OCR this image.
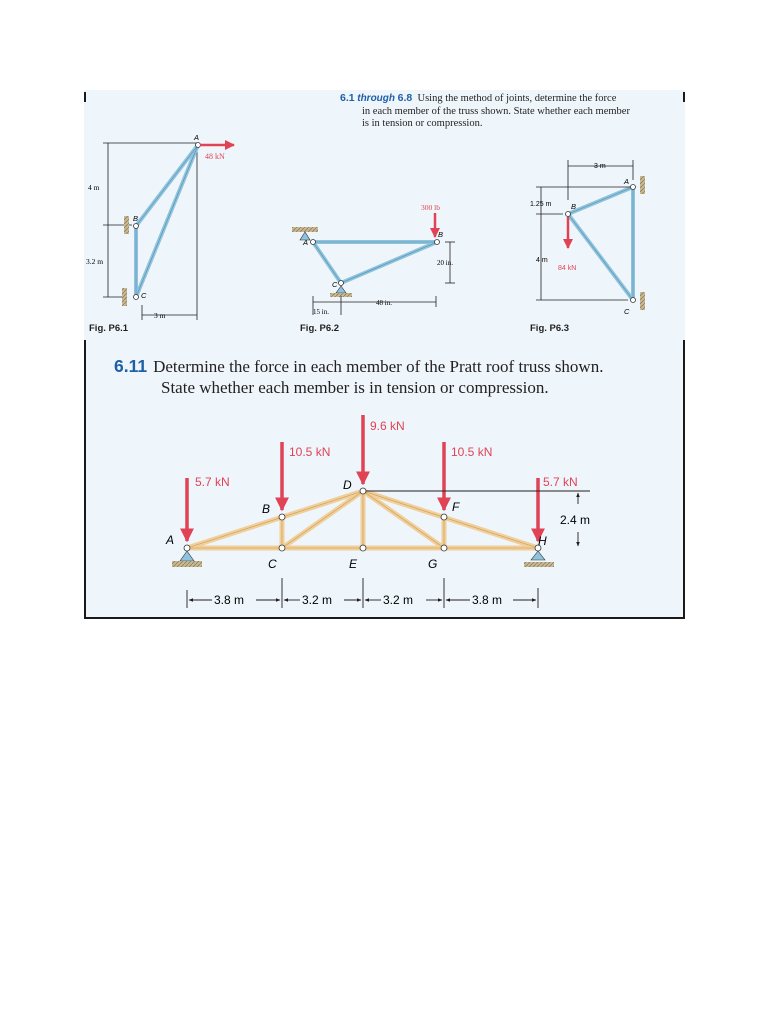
6.1 through 6.8 Using the method of joints, determine the force
in each member of the truss shown. State whether each member
is in tension or compression.
48 kN
A
B
C
4 m
3.2 m
3 m
300 lb
A
B
C
20 in.
15 in.
48 in.
84 kN
A
B
C
3 m
1.25 m
4 m
5.7 kN
10.5 kN
9.6 kN
10.5 kN
5.7 kN
A
B
C
D
E
F
G
H
2.4 m
3.8 m	3.2 m	3.2 m	3.8 m
Fig. P6.1	Fig. P6.2	Fig. P6.3
6.11 Determine the force in each member of the Pratt roof truss shown.
State whether each member is in tension or compression.
